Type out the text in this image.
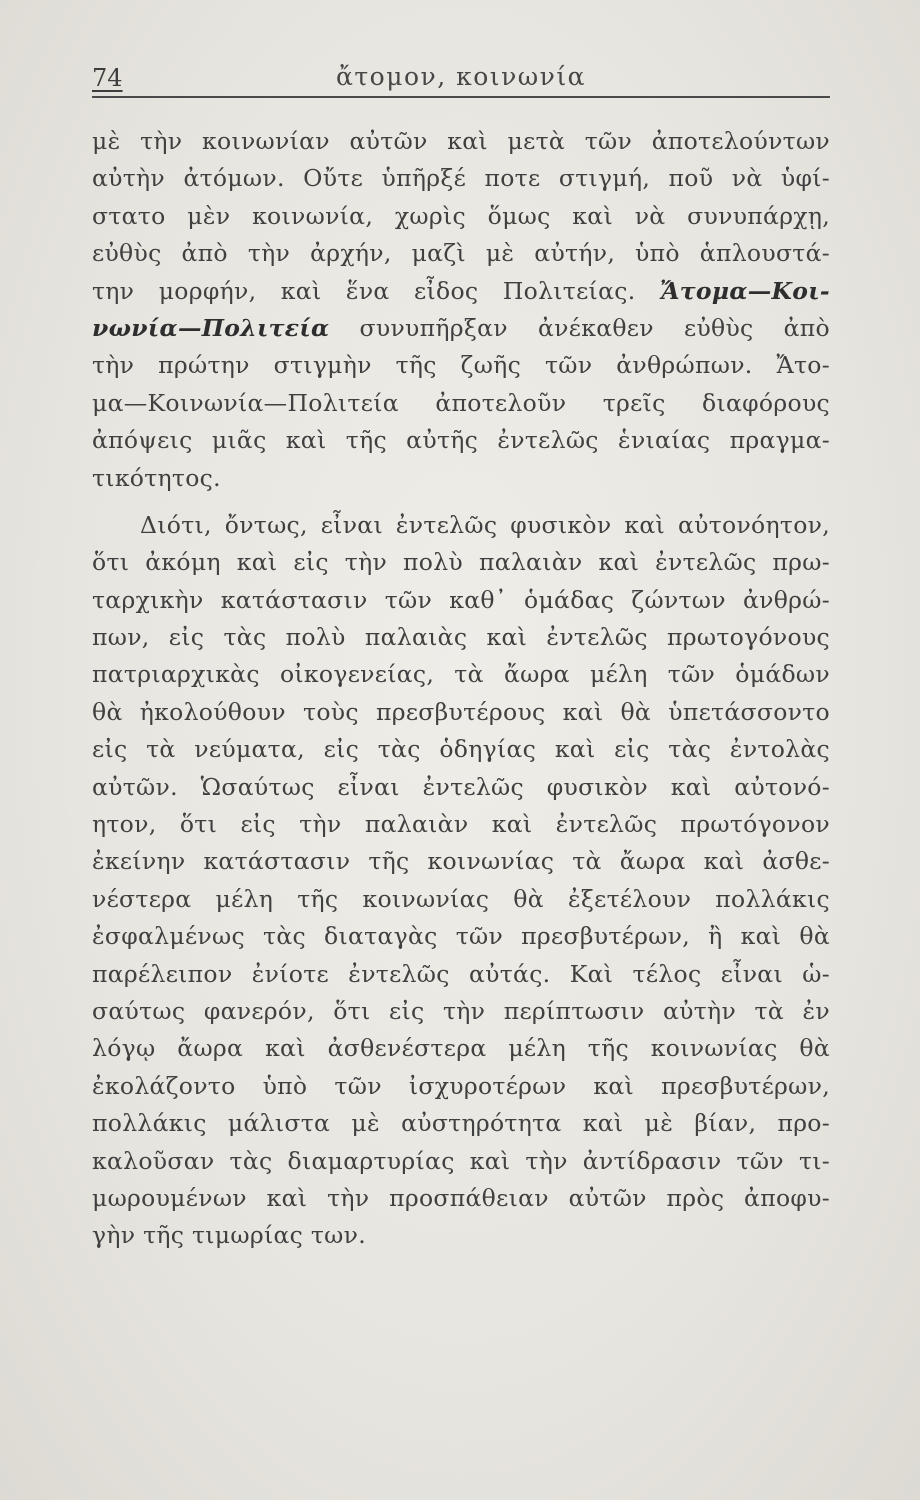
74	ἄτομον, κοινωνία
μὲ τὴν κοινωνίαν αὐτῶν καὶ μετὰ τῶν ἀποτελούντων
αὐτὴν ἀτόμων. Οὔτε ὑπῆρξέ ποτε στιγμή, ποῦ νὰ ὑφί-
στατο μὲν κοινωνία, χωρὶς ὅμως καὶ νὰ συνυπάρχῃ,
εὐθὺς ἀπὸ τὴν ἀρχήν, μαζὶ μὲ αὐτήν, ὑπὸ ἁπλουστά-
την μορφήν, καὶ ἕνα εἶδος Πολιτείας. Ἄτομα—Κοι-
νωνία—Πολιτεία συνυπῆρξαν ἀνέκαθεν εὐθὺς ἀπὸ
τὴν πρώτην στιγμὴν τῆς ζωῆς τῶν ἀνθρώπων. Ἄτο-
μα—Κοινωνία—Πολιτεία ἀποτελοῦν τρεῖς διαφόρους
ἀπόψεις μιᾶς καὶ τῆς αὐτῆς ἐντελῶς ἑνιαίας πραγμα-
τικότητος.
Διότι, ὄντως, εἶναι ἐντελῶς φυσικὸν καὶ αὐτονόητον,
ὅτι ἀκόμη καὶ εἰς τὴν πολὺ παλαιὰν καὶ ἐντελῶς πρω-
ταρχικὴν κατάστασιν τῶν καθ᾽ ὁμάδας ζώντων ἀνθρώ-
πων, εἰς τὰς πολὺ παλαιὰς καὶ ἐντελῶς πρωτογόνους
πατριαρχικὰς οἰκογενείας, τὰ ἄωρα μέλη τῶν ὁμάδων
θὰ ἠκολούθουν τοὺς πρεσβυτέρους καὶ θὰ ὑπετάσσοντο
εἰς τὰ νεύματα, εἰς τὰς ὁδηγίας καὶ εἰς τὰς ἐντολὰς
αὐτῶν. Ὡσαύτως εἶναι ἐντελῶς φυσικὸν καὶ αὐτονό-
ητον, ὅτι εἰς τὴν παλαιὰν καὶ ἐντελῶς πρωτόγονον
ἐκείνην κατάστασιν τῆς κοινωνίας τὰ ἄωρα καὶ ἀσθε-
νέστερα μέλη τῆς κοινωνίας θὰ ἐξετέλουν πολλάκις
ἐσφαλμένως τὰς διαταγὰς τῶν πρεσβυτέρων, ἢ καὶ θὰ
παρέλειπον ἐνίοτε ἐντελῶς αὐτάς. Καὶ τέλος εἶναι ὡ-
σαύτως φανερόν, ὅτι εἰς τὴν περίπτωσιν αὐτὴν τὰ ἐν
λόγῳ ἄωρα καὶ ἀσθενέστερα μέλη τῆς κοινωνίας θὰ
ἐκολάζοντο ὑπὸ τῶν ἰσχυροτέρων καὶ πρεσβυτέρων,
πολλάκις μάλιστα μὲ αὐστηρότητα καὶ μὲ βίαν, προ-
καλοῦσαν τὰς διαμαρτυρίας καὶ τὴν ἀντίδρασιν τῶν τι-
μωρουμένων καὶ τὴν προσπάθειαν αὐτῶν πρὸς ἀποφυ-
γὴν τῆς τιμωρίας των.
